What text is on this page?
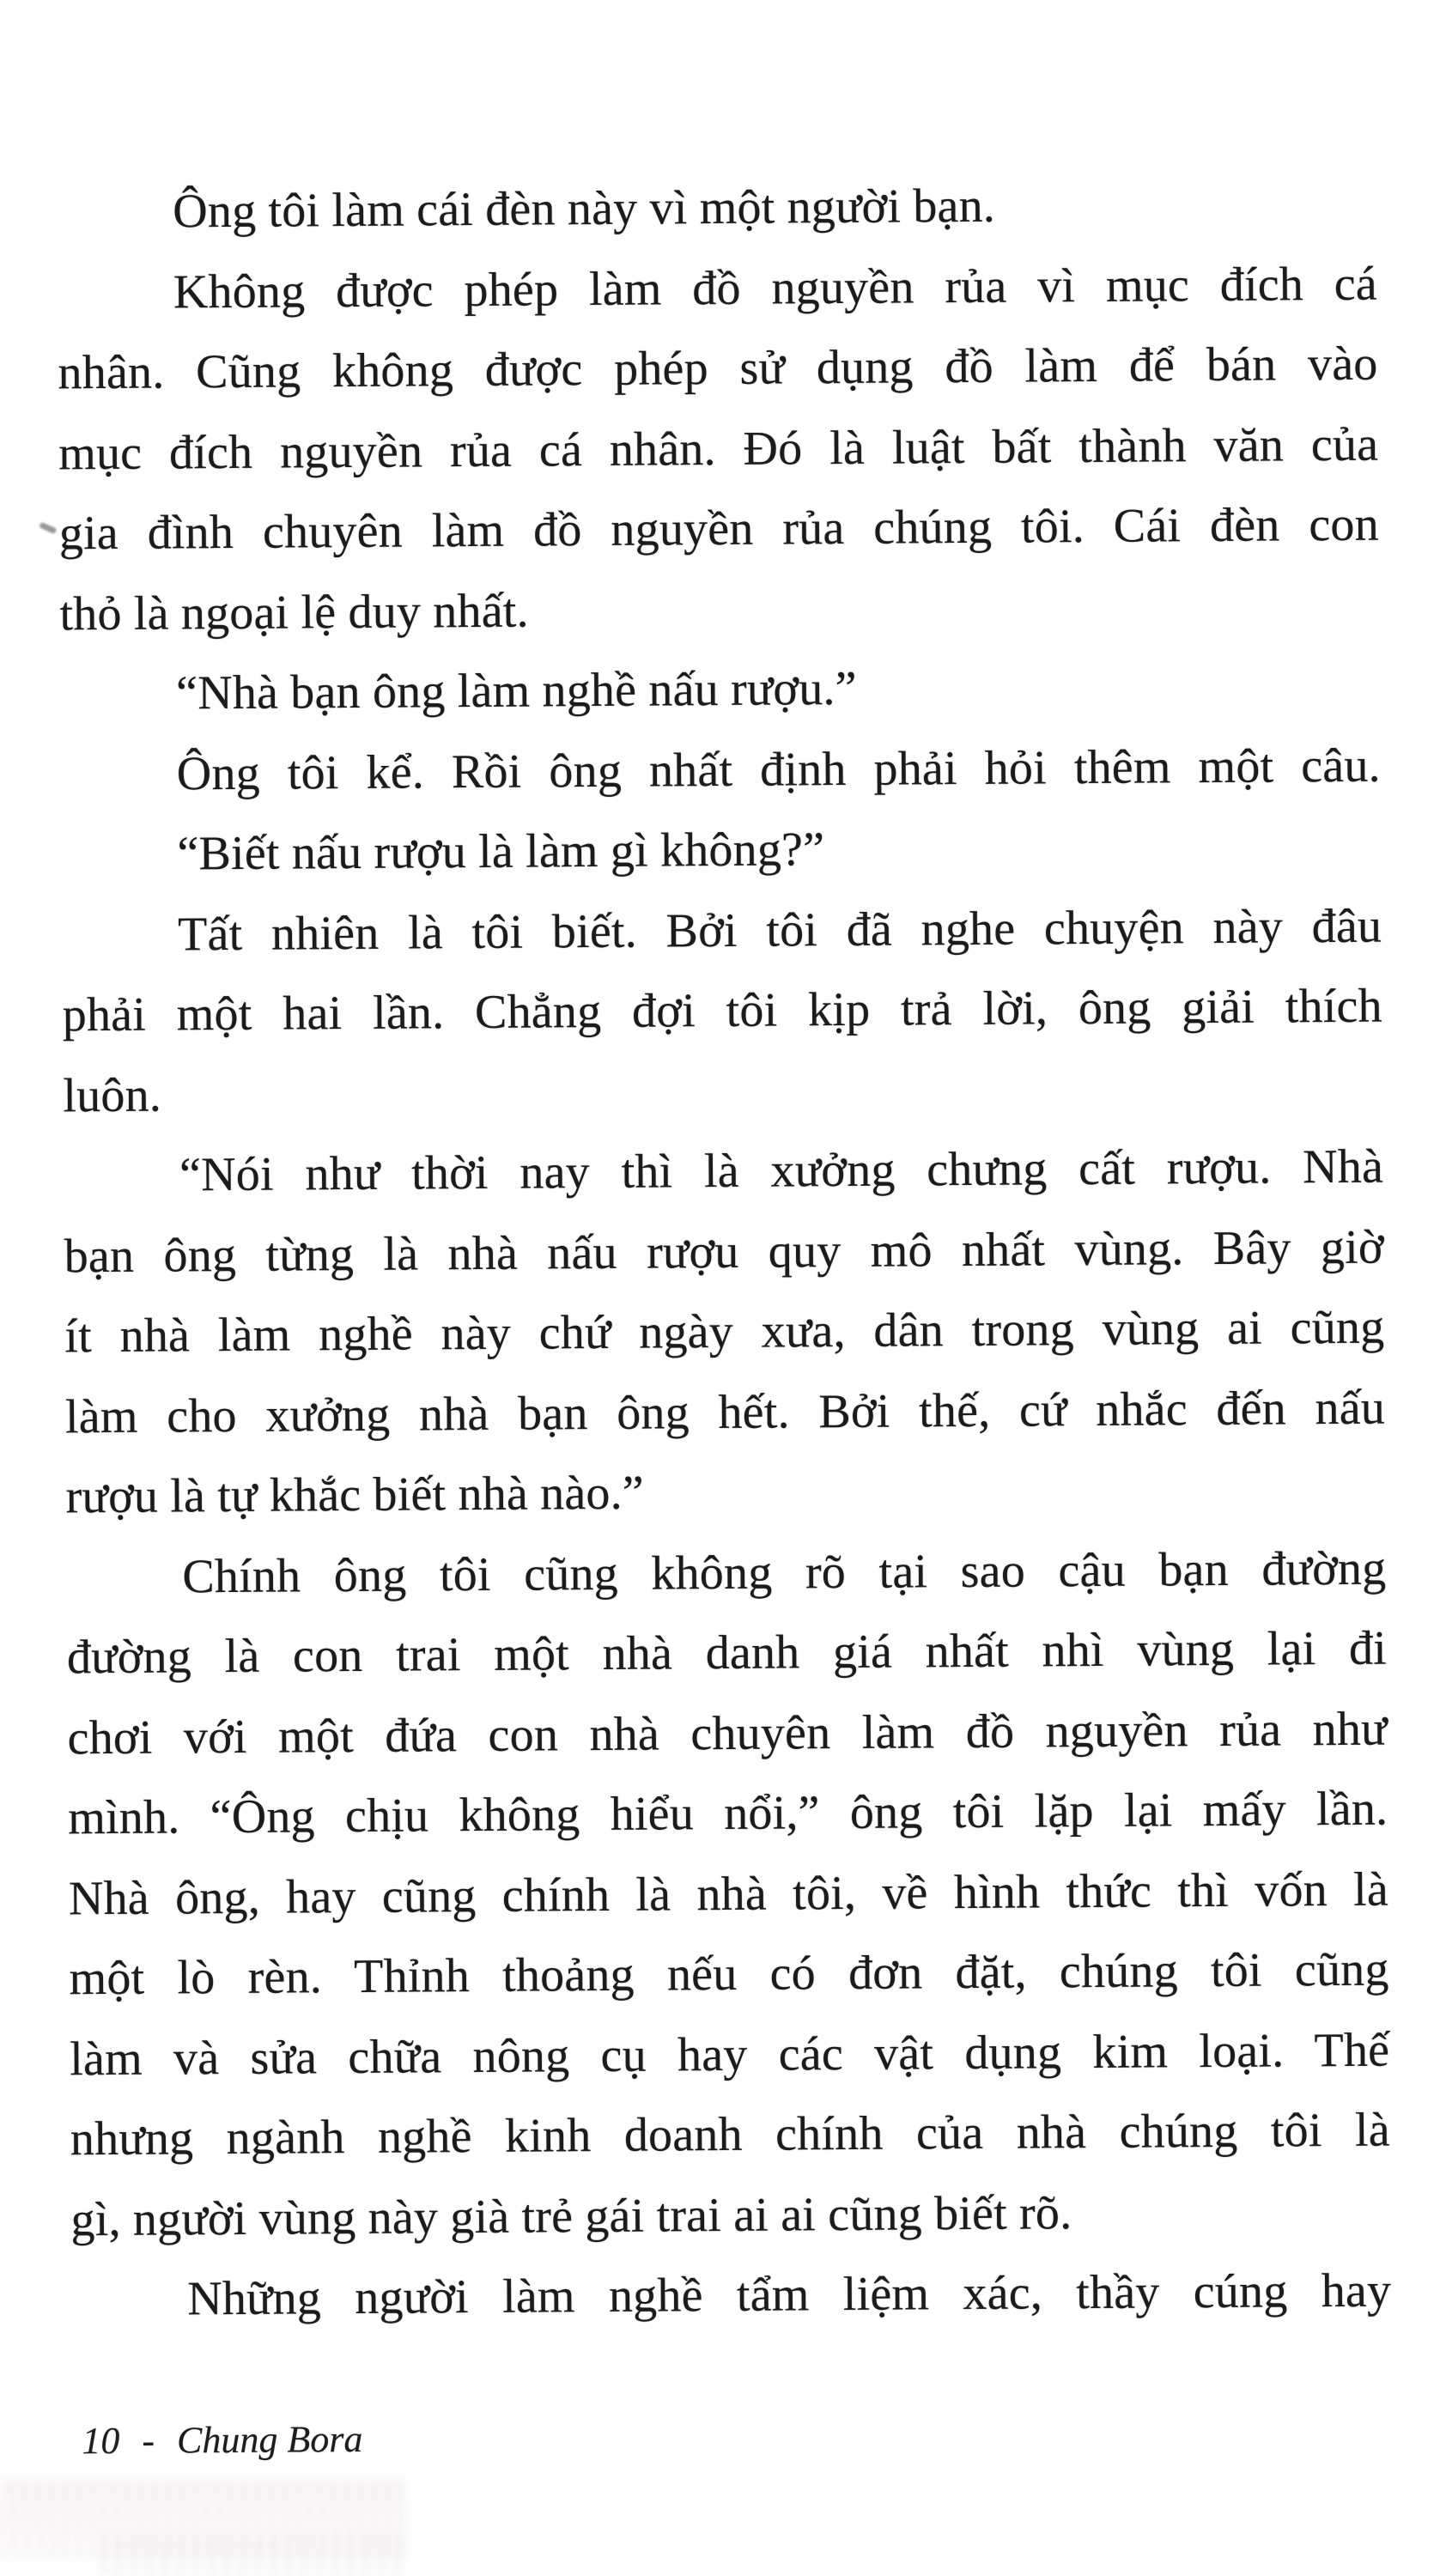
Ông tôi làm cái đèn này vì một người bạn.
Không được phép làm đồ nguyền rủa vì mục đích cá
nhân. Cũng không được phép sử dụng đồ làm để bán vào
mục đích nguyền rủa cá nhân. Đó là luật bất thành văn của
gia đình chuyên làm đồ nguyền rủa chúng tôi. Cái đèn con
thỏ là ngoại lệ duy nhất.
“Nhà bạn ông làm nghề nấu rượu.”
Ông tôi kể. Rồi ông nhất định phải hỏi thêm một câu.
“Biết nấu rượu là làm gì không?”
Tất nhiên là tôi biết. Bởi tôi đã nghe chuyện này đâu
phải một hai lần. Chẳng đợi tôi kịp trả lời, ông giải thích
luôn.
“Nói như thời nay thì là xưởng chưng cất rượu. Nhà
bạn ông từng là nhà nấu rượu quy mô nhất vùng. Bây giờ
ít nhà làm nghề này chứ ngày xưa, dân trong vùng ai cũng
làm cho xưởng nhà bạn ông hết. Bởi thế, cứ nhắc đến nấu
rượu là tự khắc biết nhà nào.”
Chính ông tôi cũng không rõ tại sao cậu bạn đường
đường là con trai một nhà danh giá nhất nhì vùng lại đi
chơi với một đứa con nhà chuyên làm đồ nguyền rủa như
mình. “Ông chịu không hiểu nổi,” ông tôi lặp lại mấy lần.
Nhà ông, hay cũng chính là nhà tôi, về hình thức thì vốn là
một lò rèn. Thỉnh thoảng nếu có đơn đặt, chúng tôi cũng
làm và sửa chữa nông cụ hay các vật dụng kim loại. Thế
nhưng ngành nghề kinh doanh chính của nhà chúng tôi là
gì, người vùng này già trẻ gái trai ai ai cũng biết rõ.
Những người làm nghề tẩm liệm xác, thầy cúng hay
10 - Chung Bora
